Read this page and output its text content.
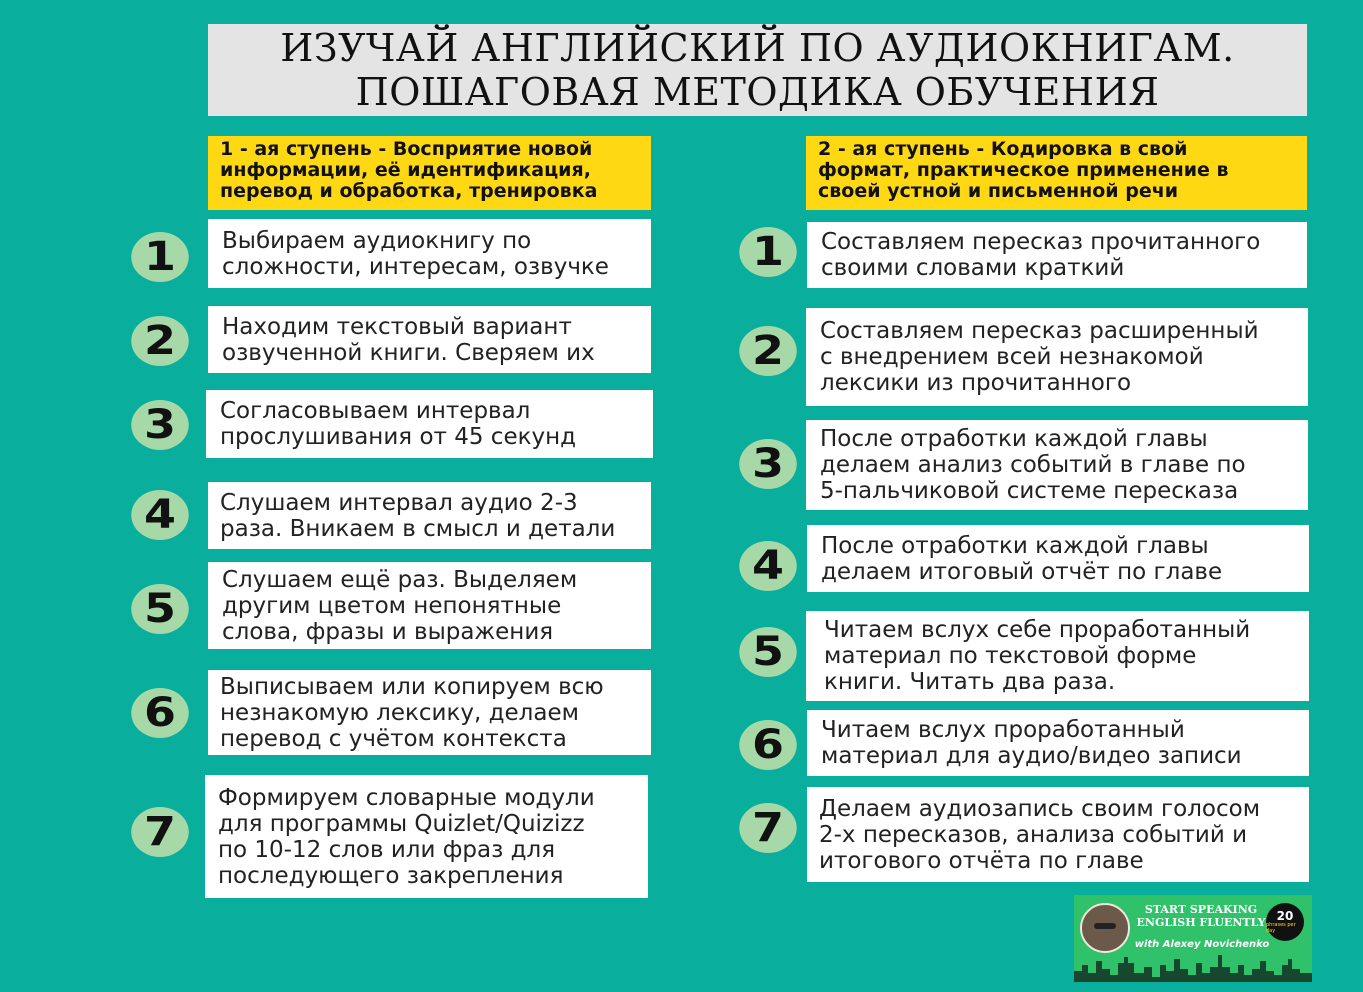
ИЗУЧАЙ АНГЛИЙСКИЙ ПО АУДИОКНИГАМ.
ПОШАГОВАЯ МЕТОДИКА ОБУЧЕНИЯ
1 - ая ступень - Восприятие новой
информации, её идентификация,
перевод и обработка, тренировка
2 - ая ступень - Кодировка в свой
формат, практическое применение в
своей устной и письменной речи
1
2
3
4
5
6
7
Выбираем аудиокнигу по
сложности, интересам, озвучке
Находим текстовый вариант
озвученной книги. Сверяем их
Согласовываем интервал
прослушивания от 45 секунд
Слушаем интервал аудио 2-3
раза. Вникаем в смысл и детали
Слушаем ещё раз. Выделяем
другим цветом непонятные
слова, фразы и выражения
Выписываем или копируем всю
незнакомую лексику, делаем
перевод с учётом контекста
Формируем словарные модули
для программы Quizlet/Quizizz
по 10-12 слов или фраз для
последующего закрепления
1
2
3
4
5
6
7
Составляем пересказ прочитанного
своими словами краткий
Составляем пересказ расширенный
с внедрением всей незнакомой
лексики из прочитанного
После отработки каждой главы
делаем анализ событий в главе по
5-пальчиковой системе пересказа
После отработки каждой главы
делаем итоговый отчёт по главе
Читаем вслух себе проработанный
материал по текстовой форме
книги. Читать два раза.
Читаем вслух проработанный
материал для аудио/видео записи
Делаем аудиозапись своим голосом
2-х пересказов, анализа событий и
итогового отчёта по главе
START SPEAKING
ENGLISH FLUENTLY
with Alexey Novichenko
20
phrases per day
